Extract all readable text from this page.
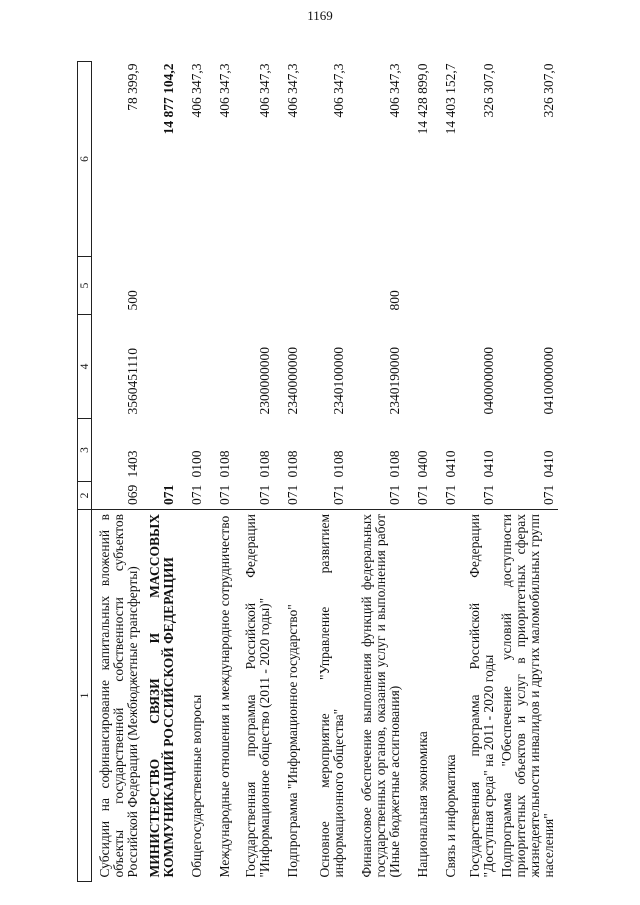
1169
1	2	3	4	5	6
Субсидии на софинансирование капитальных вложений в объекты государственной собственности субъектов Российской Федерации (Межбюджетные трансферты)	069	1403	3560451110	500	78 399,9
МИНИСТЕРСТВО СВЯЗИ И МАССОВЫХ КОММУНИКАЦИЙ РОССИЙСКОЙ ФЕДЕРАЦИИ	071				14 877 104,2
Общегосударственные вопросы	071	0100			406 347,3
Международные отношения и международное сотрудничество	071	0108			406 347,3
Государственная программа Российской Федерации "Информационное общество (2011 - 2020 годы)"	071	0108	2300000000		406 347,3
Подпрограмма "Информационное государство"	071	0108	2340000000		406 347,3
Основное мероприятие "Управление развитием информационного общества"	071	0108	2340100000		406 347,3
Финансовое обеспечение выполнения функций федеральных государственных органов, оказания услуг и выполнения работ (Иные бюджетные ассигнования)	071	0108	2340190000	800	406 347,3
Национальная экономика	071	0400			14 428 899,0
Связь и информатика	071	0410			14 403 152,7
Государственная программа Российской Федерации "Доступная среда" на 2011 - 2020 годы	071	0410	0400000000		326 307,0
Подпрограмма "Обеспечение условий доступности приоритетных объектов и услуг в приоритетных сферах жизнедеятельности инвалидов и других маломобильных групп населения"	071	0410	0410000000		326 307,0
